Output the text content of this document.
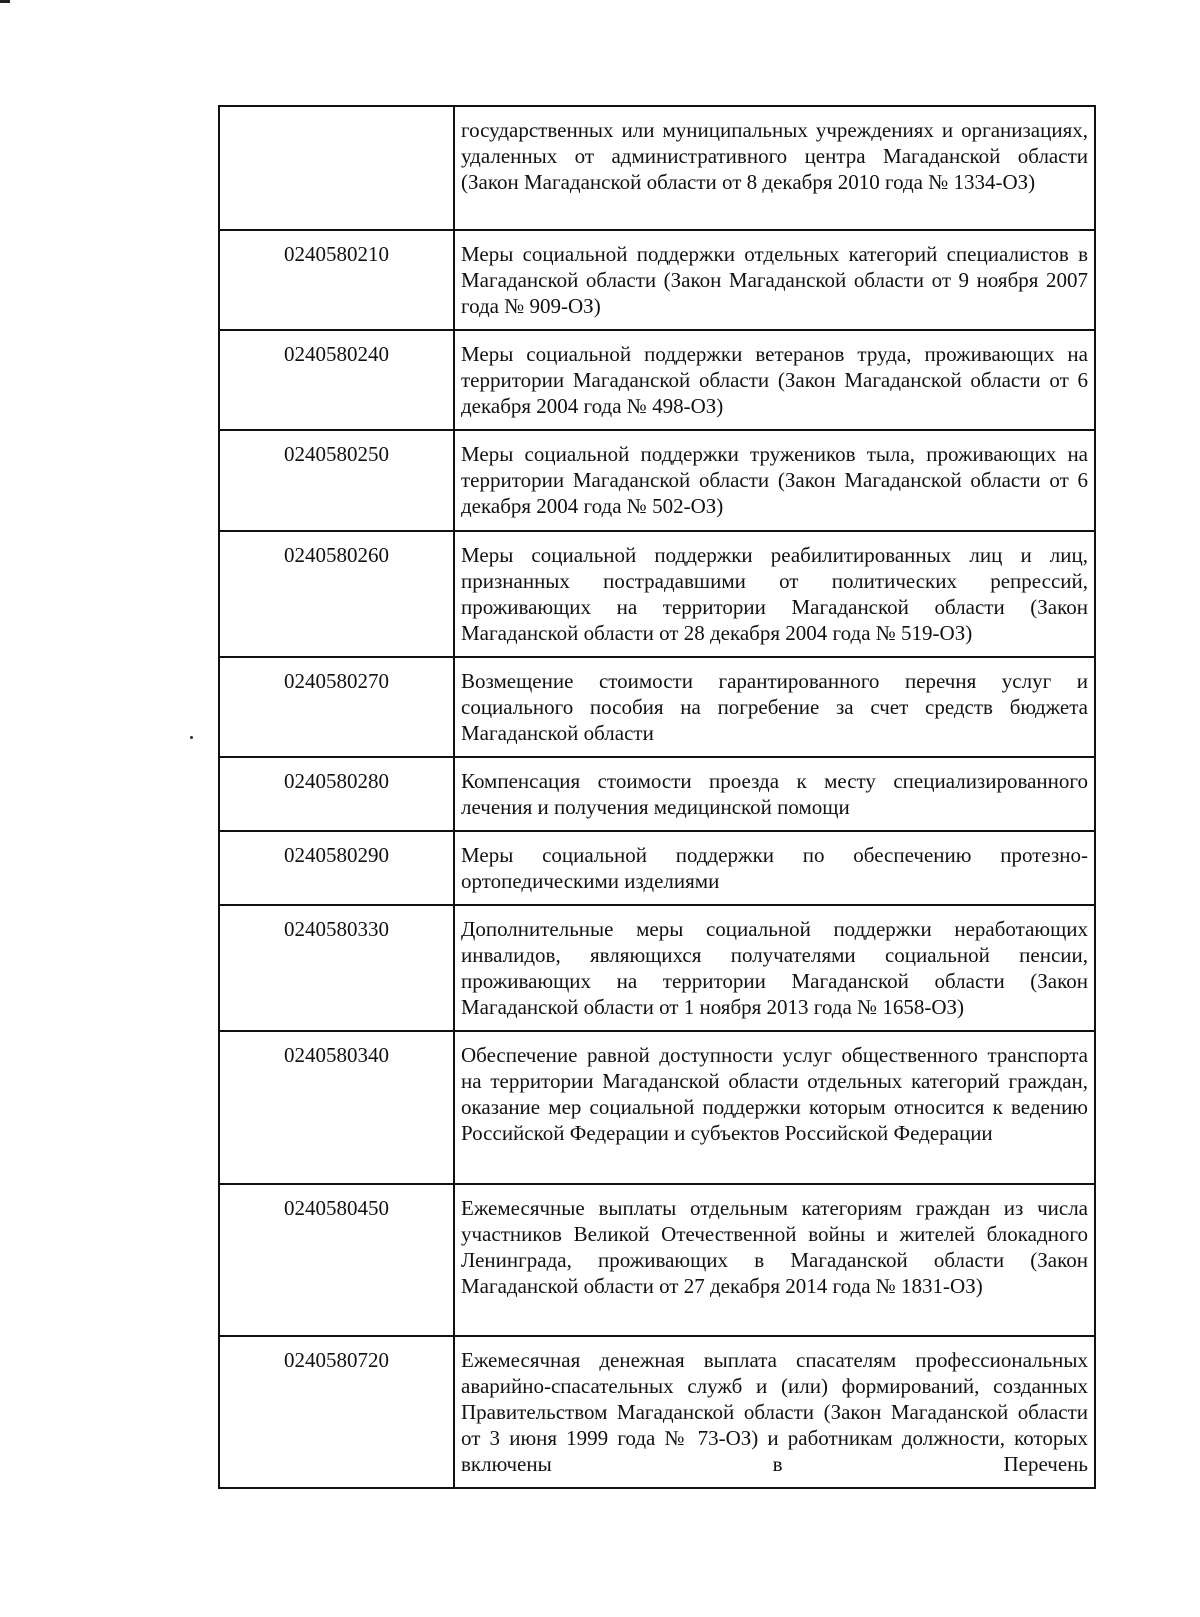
	государственных или муниципальных учреждениях и организациях, удаленных от административного центра Магаданской области (Закон Магаданской области от 8 декабря 2010 года № 1334-ОЗ)

0240580210	Меры социальной поддержки отдельных категорий специалистов в Магаданской области (Закон Магаданской области от 9 ноября 2007 года № 909-ОЗ)

0240580240	Меры социальной поддержки ветеранов труда, проживающих на территории Магаданской области (Закон Магаданской области от 6 декабря 2004 года № 498-ОЗ)

0240580250	Меры социальной поддержки тружеников тыла, проживающих на территории Магаданской области (Закон Магаданской области от 6 декабря 2004 года № 502-ОЗ)

0240580260	Меры социальной поддержки реабилитированных лиц и лиц, признанных пострадавшими от политических репрессий, проживающих на территории Магаданской области (Закон Магаданской области от 28 декабря 2004 года № 519-ОЗ)

0240580270	Возмещение стоимости гарантированного перечня услуг и социального пособия на погребение за счет средств бюджета Магаданской области

0240580280	Компенсация стоимости проезда к месту специализированного лечения и получения медицинской помощи

0240580290	Меры социальной поддержки по обеспечению протезно-ортопедическими изделиями

0240580330	Дополнительные меры социальной поддержки неработающих инвалидов, являющихся получателями социальной пенсии, проживающих на территории Магаданской области (Закон Магаданской области от 1 ноября 2013 года № 1658-ОЗ)

0240580340	Обеспечение равной доступности услуг общественного транспорта на территории Магаданской области отдельных категорий граждан, оказание мер социальной поддержки которым относится к ведению Российской Федерации и субъектов Российской Федерации

0240580450	Ежемесячные выплаты отдельным категориям граждан из числа участников Великой Отечественной войны и жителей блокадного Ленинграда, проживающих в Магаданской области (Закон Магаданской области от 27 декабря 2014 года № 1831-ОЗ)

0240580720	Ежемесячная денежная выплата спасателям профессиональных аварийно-спасательных служб и (или) формирований, созданных Правительством Магаданской области (Закон Магаданской области от 3 июня 1999 года № 73-ОЗ) и работникам должности, которых включены в Перечень
